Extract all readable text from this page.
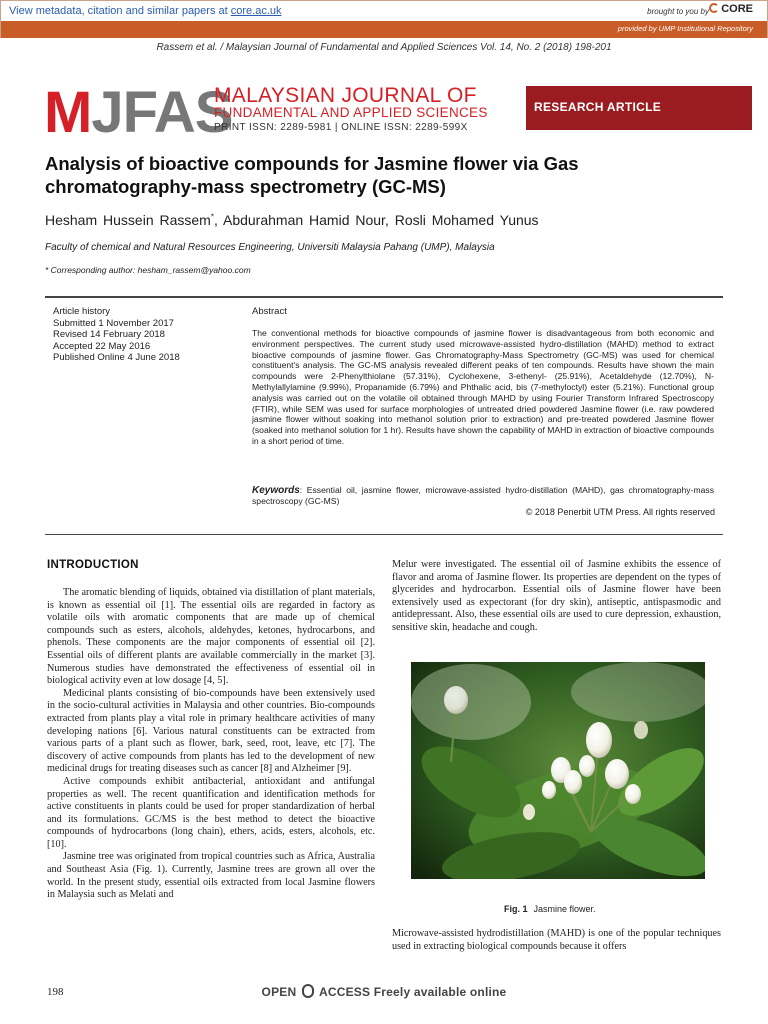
View metadata, citation and similar papers at core.ac.uk	brought to you by	CORE
provided by UMP Institutional Repository
Rassem et al. / Malaysian Journal of Fundamental and Applied Sciences Vol. 14, No. 2 (2018) 198-201
MJFAS
MALAYSIAN JOURNAL OF
FUNDAMENTAL AND APPLIED SCIENCES
PRINT ISSN: 2289-5981 | ONLINE ISSN: 2289-599X
RESEARCH ARTICLE
Analysis of bioactive compounds for Jasmine flower via Gas chromatography-mass spectrometry (GC-MS)
Hesham Hussein Rassem*, Abdurahman Hamid Nour, Rosli Mohamed Yunus
Faculty of chemical and Natural Resources Engineering, Universiti Malaysia Pahang (UMP), Malaysia
* Corresponding author: hesham_rassem@yahoo.com
Article history
Submitted 1 November 2017
Revised 14 February 2018
Accepted 22 May 2016
Published Online 4 June 2018
Abstract
The conventional methods for bioactive compounds of jasmine flower is disadvantageous from both economic and environment perspectives. The current study used microwave-assisted hydro-distillation (MAHD) method to extract bioactive compounds of jasmine flower. Gas Chromatography-Mass Spectrometry (GC-MS) was used for chemical constituent's analysis. The GC-MS analysis revealed different peaks of ten compounds. Results have shown the main compounds were 2-Phenylthiolane (57.31%), Cyclohexene, 3-ethenyl- (25.91%), Acetaldehyde (12.70%), N-Methylallylamine (9.99%), Propanamide (6.79%) and Phthalic acid, bis (7-methyloctyl) ester (5.21%). Functional group analysis was carried out on the volatile oil obtained through MAHD by using Fourier Transform Infrared Spectroscopy (FTIR), while SEM was used for surface morphologies of untreated dried powdered Jasmine flower (i.e. raw powdered jasmine flower without soaking into methanol solution prior to extraction) and pre-treated powdered Jasmine flower (soaked into methanol solution for 1 hr). Results have shown the capability of MAHD in extraction of bioactive compounds in a short period of time.
Keywords: Essential oil, jasmine flower, microwave-assisted hydro-distillation (MAHD), gas chromatography-mass spectroscopy (GC-MS)
© 2018 Penerbit UTM Press. All rights reserved
INTRODUCTION

The aromatic blending of liquids, obtained via distillation of plant materials, is known as essential oil [1]. The essential oils are regarded in factory as volatile oils with aromatic components that are made up of chemical compounds such as esters, alcohols, aldehydes, ketones, hydrocarbons, and phenols. These components are the major components of essential oil [2]. Essential oils of different plants are available commercially in the market [3]. Numerous studies have demonstrated the effectiveness of essential oil in biological activity even at low dosage [4, 5].

Medicinal plants consisting of bio-compounds have been extensively used in the socio-cultural activities in Malaysia and other countries. Bio-compounds extracted from plants play a vital role in primary healthcare activities of many developing nations [6]. Various natural constituents can be extracted from various parts of a plant such as flower, bark, seed, root, leave, etc [7]. The discovery of active compounds from plants has led to the development of new medicinal drugs for treating diseases such as cancer [8] and Alzheimer [9].

Active compounds exhibit antibacterial, antioxidant and antifungal properties as well. The recent quantification and identification methods for active constituents in plants could be used for proper standardization of herbal and its formulations. GC/MS is the best method to detect the bioactive compounds of hydrocarbons (long chain), ethers, acids, esters, alcohols, etc. [10].

Jasmine tree was originated from tropical countries such as Africa, Australia and Southeast Asia (Fig. 1). Currently, Jasmine trees are grown all over the world. In the present study, essential oils extracted from local Jasmine flowers in Malaysia such as Melati and

Melur were investigated. The essential oil of Jasmine exhibits the essence of flavor and aroma of Jasmine flower. Its properties are dependent on the types of glycerides and hydrocarbon. Essential oils of Jasmine flower have been extensively used as expectorant (for dry skin), antiseptic, antispasmodic and antidepressant. Also, these essential oils are used to cure depression, exhaustion, sensitive skin, headache and cough.

Fig. 1 Jasmine flower.

Microwave-assisted hydrodistillation (MAHD) is one of the popular techniques used in extracting biological compounds because it offers

198	OPEN ACCESS Freely available online
